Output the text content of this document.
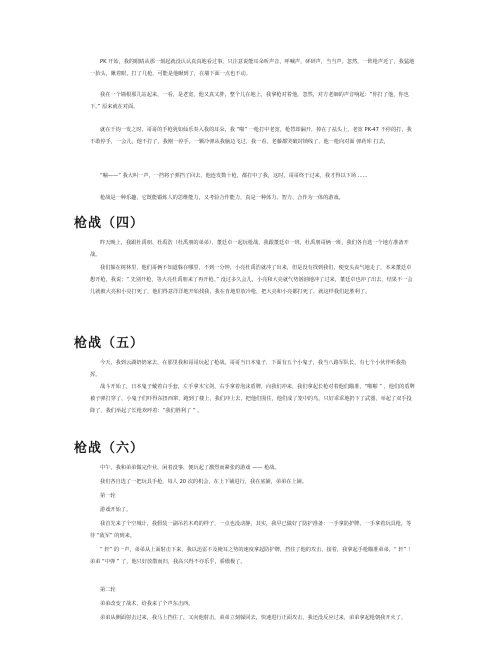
PK 开始，我的眼睛从那一刻起就没认认真真地看过事，只注意说能耳朵听声音，呼喊声，砰砰声，当当声，忽然，一阵枪声近了，我猛地一抬头，瞅着眼，打了几枪，可能是他瞅到了，在墙下面一点也不动。

我在一个墙根那儿站起来，一看，是老宽，他又真又胖，整个儿在地上，我拿枪对着他，忽然，对方老師的声音响起：“你打了他，你也下。” 原来就在对面。

就在千钧一发之时，哥哥的手枪犹如仙乐奏入我的耳朵，我 “啪” 一枪打中老宽，枪替却漏开，掉在了祛头上，老宽 PK-47 不停的打，我不敢停手，一会儿，他不打了，我刚一停手，一颗冷弹从我脑边飞过，我一看，老藤都哭破封锁线了，他一枪向对面 弹药库 打去，

“嘣——” 我大叫一声，一挡将子弹挡了回去，他连发数十枪，都打中了我，这时，哥哥终于过来，我才得以下场 ......

枪战是一种乐趣，它既能锻炼人的思维能力，又考验合作能力，真是一种体力、智力、合作为一体的游戏。

枪战（四）

昨天晚上，我跟杜禹朋、杜禹浩（杜禹朋的弟弟）、董廷卓一起玩枪战，我跟董廷卓一班，杜禹朋哥俩一班，我们各自选一个地方准备开战。

我们躲在树林里，他们哥俩不知道躲在哪里，不到一分钟，小亮杜禹浩就冲了出来，但是没有找到我们，便变头丧气地走了，本来董廷卓想开枪，我说：“ 先别开枪，等大亮杜禹朋来了再开枪。” 没过多久会儿，小亮和大亮就气势汹汹地冲了过来，董廷卓也冲了出去，结果不一会儿就被大亮和小亮打死了，他们得意洋洋地开始找我，我在肯地里放冷枪，把大亮和小亮都打死了，就这样我们赶胜利了。

枪战（五）

今天，我到云湖奶奶家去，在那里我和哥哥玩起了枪战，哥哥当日本鬼子，下面有五个小鬼子，我当八路军队长，有七个小伙伴听我指挥。

战斗开始了，日本鬼子戴着白手套，左手拿木宝剑，右手拿着泡沫盾牌，向我们冲来，我们拿起长枪对着他们瞄准，“啪啪 ” ，他们的盾牌被子弹打穿了，小鬼子们吓得东扭西窜，跑到了楼上，我们冲上去，把他们围住，他们成了笼中的鸟，只好乖乖地扔下了武器，举起了双手投降了，我们举起了长枪欢呼着：“我们胜利了 ” 。

枪战（六）

中午，我和弟弟做完作业，闲着没事，便玩起了激烈而紧张的游戏 —— 枪战。

我们各自选了一把玩具手枪，每人 20 次的机会，在上下铺进行，我在底铺，弟弟在上铺。

第一轮

游戏开始了。

我首先来了个空城计，我假装一副吊若木鸡的样子，一点也没动静，其实，我早已做好了防护准备：一手拿防护牌，一手拿着玩具枪，等待 “敌军” 的到来。

“ 轩” 的一声，弟弟从上面射击下来，我以迅雷不及掩耳之势的速度拿起防护牌，挡住了他的攻击，接着，我拿起手枪瞄准弟弟，“ 轩” ！弟弟 “中弹 ” 了，他只好放散而归，我高兴得不亦乐乎，骄傲极了。

第二轮

弟弟改变了战术，给我来了个声东击西。

弟弟从侧面射击过来，我马上挡住了，又向他射击，弟弟立刻躲回去，快速进行正面攻击，我还没反应过来，弟弟拿起枪朝我开火了。
